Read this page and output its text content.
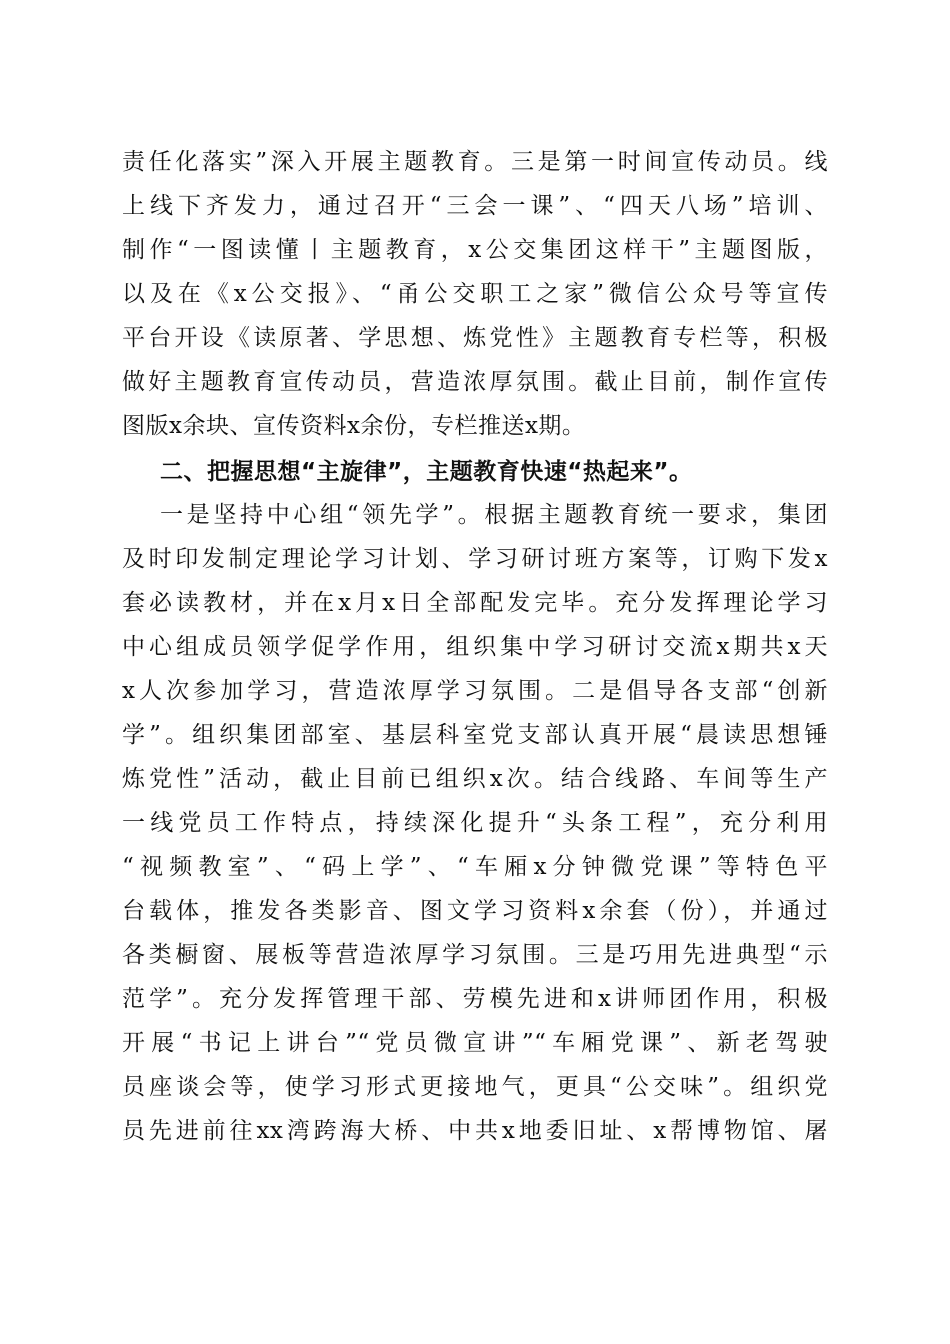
责任化落实”深入开展主题教育。三是第一时间宣传动员。线
上线下齐发力，通过召开“三会一课”、“四天八场”培训、
制作“一图读懂丨主题教育，x公交集团这样干”主题图版，
以及在《x公交报》、“甬公交职工之家”微信公众号等宣传
平台开设《读原著、学思想、炼党性》主题教育专栏等，积极
做好主题教育宣传动员，营造浓厚氛围。截止目前，制作宣传
图版x余块、宣传资料x余份，专栏推送x期。
二、把握思想“主旋律”，主题教育快速“热起来”。
一是坚持中心组“领先学”。根据主题教育统一要求，集团
及时印发制定理论学习计划、学习研讨班方案等，订购下发x
套必读教材，并在x月x日全部配发完毕。充分发挥理论学习
中心组成员领学促学作用，组织集中学习研讨交流x期共x天
x人次参加学习，营造浓厚学习氛围。二是倡导各支部“创新
学”。组织集团部室、基层科室党支部认真开展“晨读思想锤
炼党性”活动，截止目前已组织x次。结合线路、车间等生产
一线党员工作特点，持续深化提升“头条工程”，充分利用
“视频教室”、“码上学”、“车厢x分钟微党课”等特色平
台载体，推发各类影音、图文学习资料x余套（份），并通过
各类橱窗、展板等营造浓厚学习氛围。三是巧用先进典型“示
范学”。充分发挥管理干部、劳模先进和x讲师团作用，积极
开展“书记上讲台”“党员微宣讲”“车厢党课”、新老驾驶
员座谈会等，使学习形式更接地气，更具“公交味”。组织党
员先进前往xx湾跨海大桥、中共x地委旧址、x帮博物馆、屠
